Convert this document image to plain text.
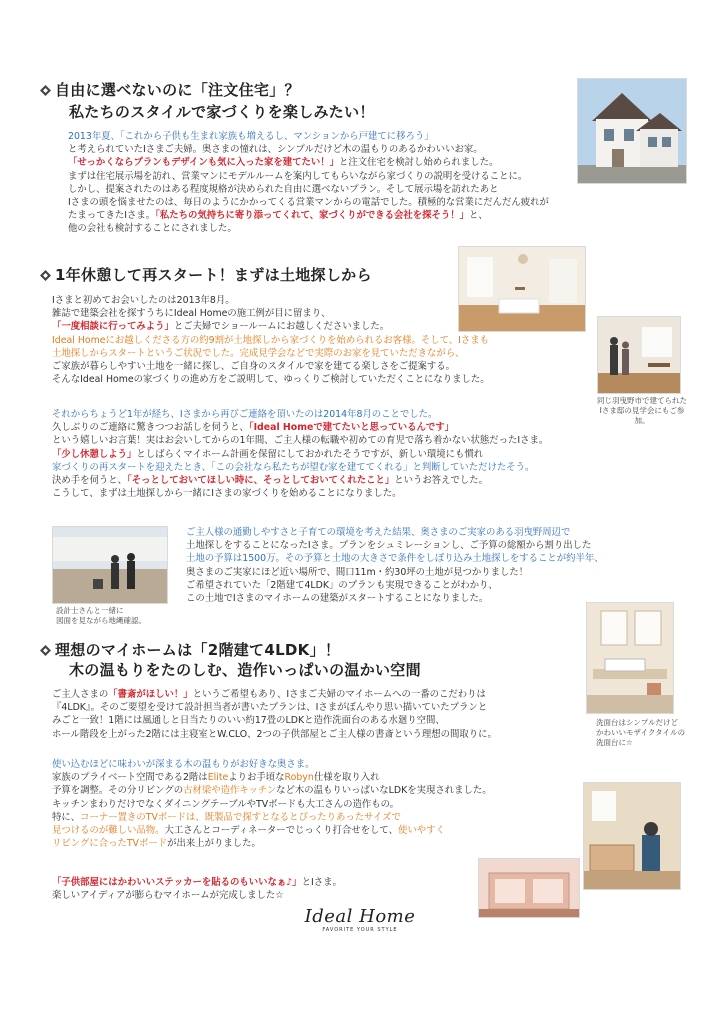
自由に選べないのに「注文住宅」？
私たちのスタイルで家づくりを楽しみたい！
2013年夏、「これから子供も生まれ家族も増えるし、マンションから戸建てに移ろう」
と考えられていたIさまご夫婦。奥さまの憧れは、シンプルだけど木の温もりのあるかわいいお家。
「せっかくならプランもデザインも気に入った家を建てたい！」と注文住宅を検討し始められました。
まずは住宅展示場を訪れ、営業マンにモデルルームを案内してもらいながら家づくりの説明を受けることに。
しかし、提案されたのはある程度規格が決められた自由に選べないプラン。そして展示場を訪れたあと
Iさまの頭を悩ませたのは、毎日のようにかかってくる営業マンからの電話でした。積極的な営業にだんだん疲れが
たまってきたIさま。「私たちの気持ちに寄り添ってくれて、家づくりができる会社を探そう！」と、
他の会社も検討することにされました。
1年休憩して再スタート！まずは土地探しから
Iさまと初めてお会いしたのは2013年8月。
雑誌で建築会社を探すうちにIdeal Homeの施工例が目に留まり、
「一度相談に行ってみよう」とご夫婦でショールームにお越しくださいました。
Ideal Homeにお越しくださる方の約9割が土地探しから家づくりを始められるお客様。そして、Iさまも
土地探しからスタートというご状況でした。完成見学会などで実際のお家を見ていただきながら、
ご家族が暮らしやすい土地を一緒に探し、ご自身のスタイルで家を建てる楽しさをご提案する。
そんなIdeal Homeの家づくりの進め方をご説明して、ゆっくりご検討していただくことになりました。
それからちょうど1年が経ち、Iさまから再びご連絡を頂いたのは2014年8月のことでした。
久しぶりのご連絡に驚きつつお話しを伺うと、「Ideal Homeで建てたいと思っているんです」
という嬉しいお言葉！実はお会いしてからの1年間、ご主人様の転職や初めての育児で落ち着かない状態だったIさま。
「少し休憩しよう」としばらくマイホーム計画を保留にしておかれたそうですが、新しい環境にも慣れ
家づくりの再スタートを迎えたとき、「この会社なら私たちが望む家を建ててくれる」と判断していただけたそう。
決め手を伺うと、「そっとしておいてほしい時に、そっとしておいてくれたこと」というお答えでした。
こうして、まずは土地探しから一緒にIさまの家づくりを始めることになりました。
ご主人様の通勤しやすさと子育ての環境を考えた結果、奥さまのご実家のある羽曳野周辺で
土地探しをすることになったIさま。プランをシュミレーションし、ご予算の総額から割り出した
土地の予算は1500万。その予算と土地の大きさで条件をしぼり込み土地探しをすることが約半年、
奥さまのご実家にほど近い場所で、間口11m・約30坪の土地が見つかりました！
ご希望されていた「2階建て4LDK」のプランも実現できることがわかり、
この土地でIさまのマイホームの建築がスタートすることになりました。
同じ羽曳野市で建てられた
Iさま邸の見学会にもご参加。
設計士さんと一緒に
図面を見ながら地縄確認。
理想のマイホームは「2階建て4LDK」！
木の温もりをたのしむ、造作いっぱいの温かい空間
ご主人さまの「書斎がほしい！」というご希望もあり、Iさまご夫婦のマイホームへの一番のこだわりは
『4LDK』。そのご要望を受けて設計担当者が書いたプランは、Iさまがぼんやり思い描いていたプランと
みごと一致！1階には風通しと日当たりのいい約17畳のLDKと造作洗面台のある水廻り空間、
ホール階段を上がった2階には主寝室とW.CLO、2つの子供部屋とご主人様の書斎という理想の間取りに。
使い込むほどに味わいが深まる木の温もりがお好きな奥さま。
家族のプライベート空間である2階はEliteよりお手頃なRobyn仕様を取り入れ
予算を調整。その分リビングの古材梁や造作キッチンなど木の温もりいっぱいなLDKを実現されました。
キッチンまわりだけでなくダイニングテーブルやTVボードも大工さんの造作もの。
特に、コーナー置きのTVボードは、既製品で探すとなるとぴったりあったサイズで
見つけるのが難しい品物。大工さんとコーディネーターでじっくり打合せをして、使いやすく
リビングに合ったTVボードが出来上がりました。
「子供部屋にはかわいいステッカーを貼るのもいいなぁ♪」とIさま。
楽しいアイディアが膨らむマイホームが完成しました☆
洗面台はシンプルだけど
かわいいモザイクタイルの
洗面台に☆
Ideal Home
FAVORITE YOUR STYLE
